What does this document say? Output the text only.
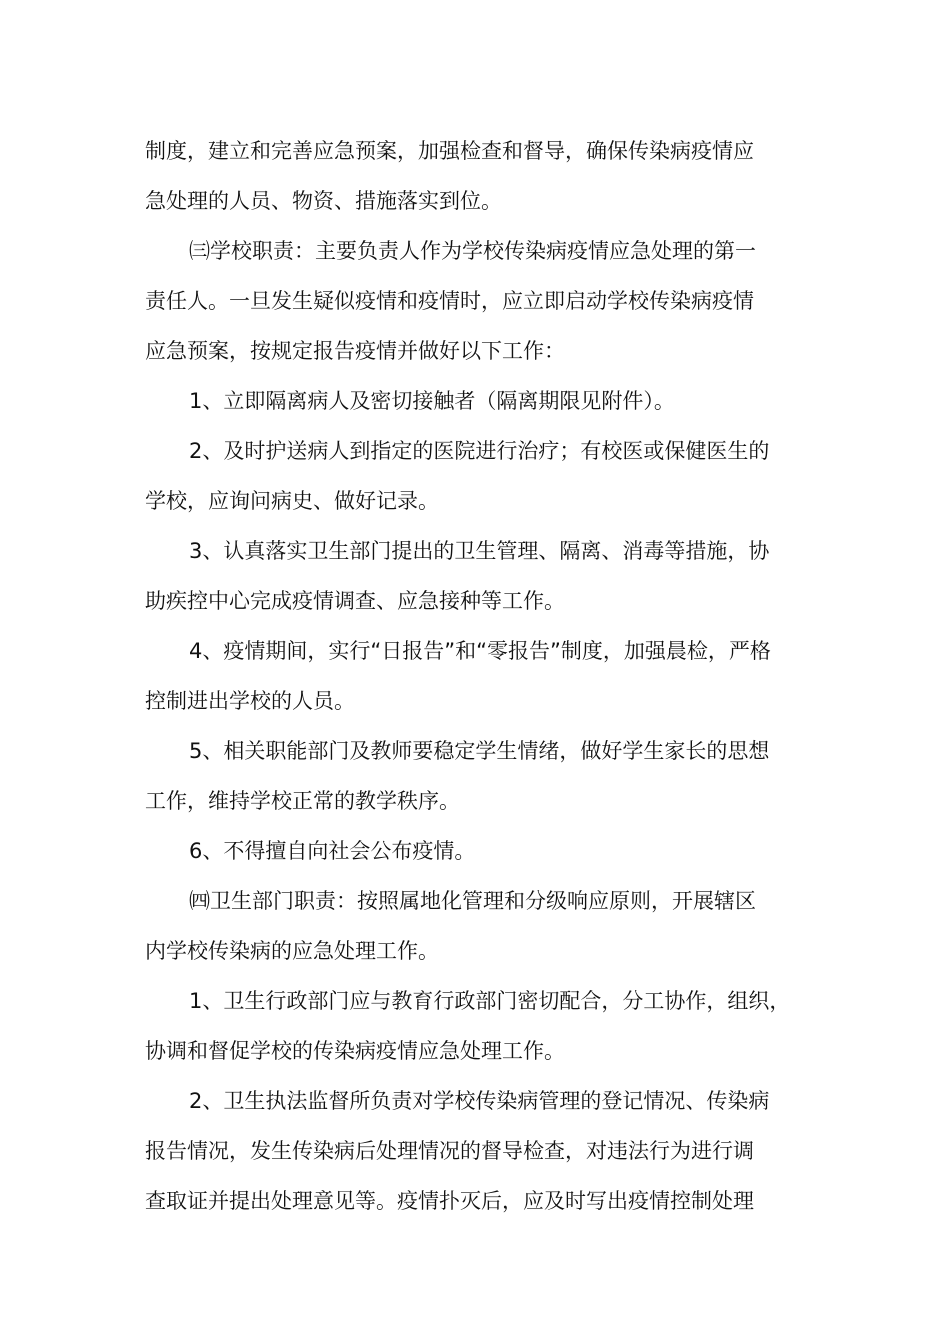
制度，建立和完善应急预案，加强检查和督导，确保传染病疫情应
急处理的人员、物资、措施落实到位。

㈢学校职责：主要负责人作为学校传染病疫情应急处理的第一
责任人。一旦发生疑似疫情和疫情时，应立即启动学校传染病疫情
应急预案，按规定报告疫情并做好以下工作：

1、立即隔离病人及密切接触者（隔离期限见附件）。

2、及时护送病人到指定的医院进行治疗；有校医或保健医生的
学校，应询问病史、做好记录。

3、认真落实卫生部门提出的卫生管理、隔离、消毒等措施，协
助疾控中心完成疫情调查、应急接种等工作。

4、疫情期间，实行“日报告”和“零报告”制度，加强晨检，严格
控制进出学校的人员。

5、相关职能部门及教师要稳定学生情绪，做好学生家长的思想
工作，维持学校正常的教学秩序。

6、不得擅自向社会公布疫情。

㈣卫生部门职责：按照属地化管理和分级响应原则，开展辖区
内学校传染病的应急处理工作。

1、卫生行政部门应与教育行政部门密切配合，分工协作，组织，
协调和督促学校的传染病疫情应急处理工作。

2、卫生执法监督所负责对学校传染病管理的登记情况、传染病
报告情况，发生传染病后处理情况的督导检查，对违法行为进行调
查取证并提出处理意见等。疫情扑灭后，应及时写出疫情控制处理
